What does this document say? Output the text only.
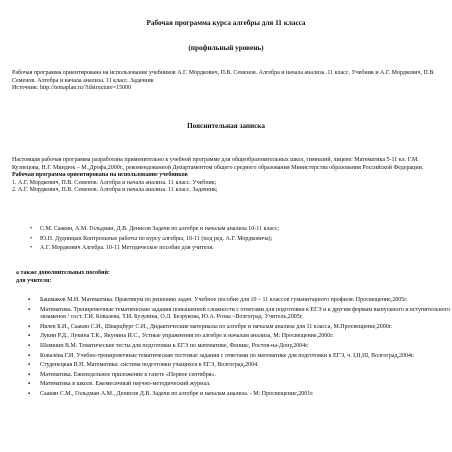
Рабочая программа курса алгебры для 11 класса
(профильный уровень)

Рабочая программа ориентирована на использование учебников А.Г. Мордкович, П.В. Семенов. Алгебра и начала анализа. 11 класс. Учебник и А.Г. Мордкович, П.В. Семенов. Алгебра и начала анализа. 11 класс. Задачник

Источник: http://temaplan.ru/?idstructure=15000

Пояснительная записка

Настоящая рабочая программа разработана применительно к учебной программе для общеобразовательных школ, гимназий, лицеев: Математика 5-11 кл. Г.М. Кузнецова, Н.Г. Миндюк – М.,Дрофа,2000г., рекомендованной Департаментом общего среднего образования Министерства образования Российской Федерации.

Рабочая программа ориентирована на использование учебников

1. А.Г. Мордкович, П.В. Семенов. Алгебра и начала анализа. 11 класс. Учебник;

2. А.Г. Мордкович, П.В. Семенов. Алгебра и начала анализа. 11 класс. Задачник;

• С.М. Саакян, А.М. Гольдман, Д.В. Денисов Задачи по алгебре и началам анализа 10-11 класс;
• Ю.П. Дудницын Контрольные работы по курсу алгебры, 10-11 (под ред. А.Г. Мордковича);
• А.Г. Мордкович Алгебра. 10-11 Методическое пособие для учителя.

а также дополнительных пособий:

для учителя:

▪ Башмаков М.И. Математика. Практикум по решению задач. Учебное пособие для 10 – 11 классов гуманитарного профиля: Просвещение,2005г.
▪ Математика. Тренировочные тематические задания повышенной сложности с ответами для подготовки к ЕГЭ и к другим формам выпускного и вступительного экзаменов / сост. Г.И. Ковалева, Т.И. Бузулина, О.Л. Безрукова, Ю.А. Розка –Волгоград. Учитель,2005г.
▪ Ивлев Б.И., Саакян С.И., Шварцбург С.И., Дидактические материалы по алгебре и началам анализа для 11 класса, М.Просвещение,2000г.
▪ Лукин Р.Д., Лукина Т.К., Якунина И.С., Устные упражнения по алгебре и началам анализа, М: Просвещение,2000г.
▪ Шамшин В.М. Тематические тесты для подготовки к ЕГЭ по математике, Феникс, Ростов-на-Дону,2004г.
▪ Ковалёва Г.И. Учебно-тренировочные тематические тестовые задания с ответами по математике для подготовки к ЕГЭ, ч. I,II,III, Волгоград,2004г.
▪ Студенецкая В.Н. Математика: система подготовки учащихся к ЕГЭ, Волгоград,2004.
▪ Математика. Еженедельное приложение к газете «Первое сентября».
▪ Математика в школе. Ежемесячный научно-методический журнал.
▪ Саакян С.М., Гольдман А.М., Денисов Д.В. Задачи по алгебре и началам анализа. - М: Просвещение,2001г.
